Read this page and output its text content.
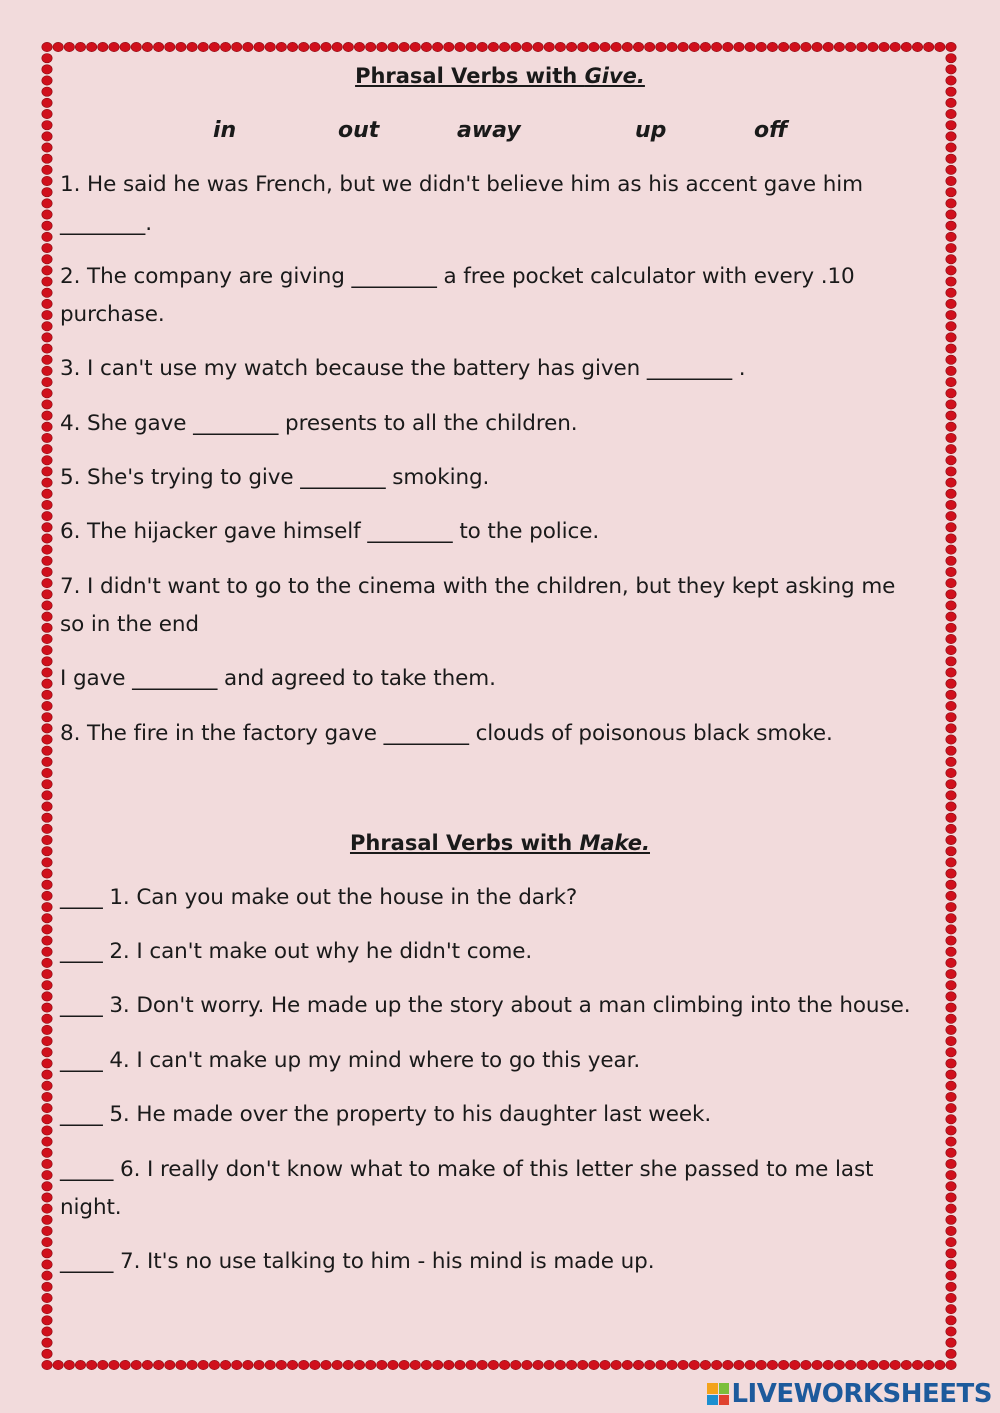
Phrasal Verbs with Give.
in	out	away	up	off
1. He said he was French, but we didn't believe him as his accent gave him
________.
2. The company are giving ________ a free pocket calculator with every .10
purchase.
3. I can't use my watch because the battery has given ________ .
4. She gave ________ presents to all the children.
5. She's trying to give ________ smoking.
6. The hijacker gave himself ________ to the police.
7. I didn't want to go to the cinema with the children, but they kept asking me
so in the end
I gave ________ and agreed to take them.
8. The fire in the factory gave ________ clouds of poisonous black smoke.
Phrasal Verbs with Make.
____ 1. Can you make out the house in the dark?
____ 2. I can't make out why he didn't come.
____ 3. Don't worry. He made up the story about a man climbing into the house.
____ 4. I can't make up my mind where to go this year.
____ 5. He made over the property to his daughter last week.
_____ 6. I really don't know what to make of this letter she passed to me last
night.
_____ 7. It's no use talking to him - his mind is made up.
LIVEWORKSHEETS
